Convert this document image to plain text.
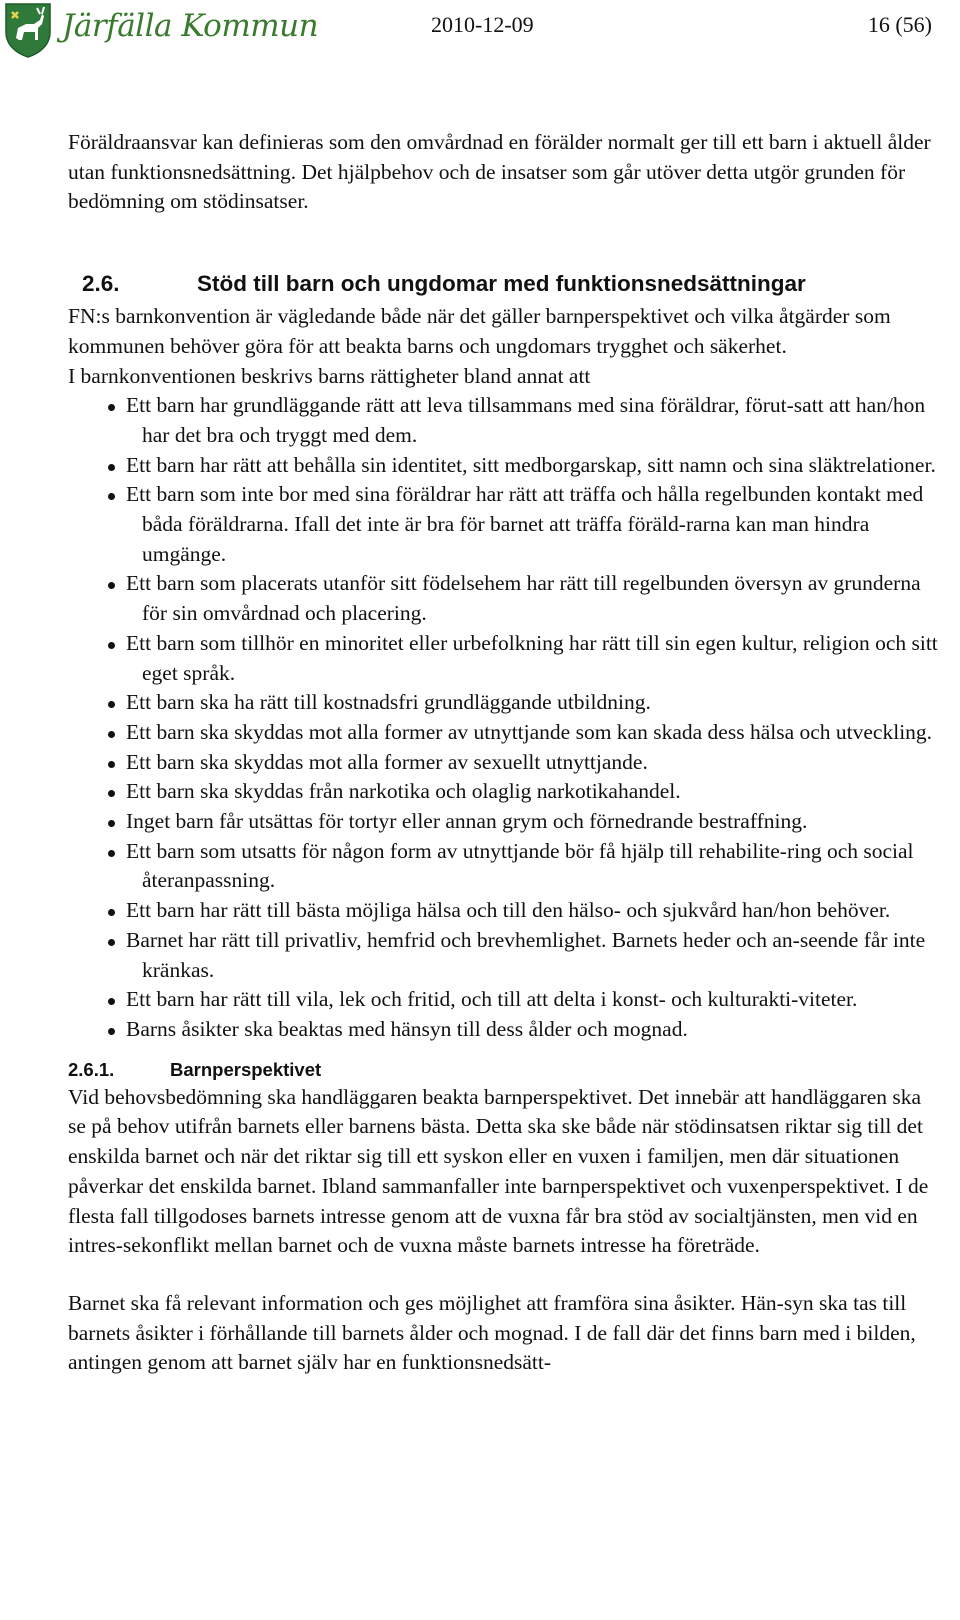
Järfälla Kommun	2010-12-09	16 (56)

Föräldraansvar kan definieras som den omvårdnad en förälder normalt ger till ett barn i aktuell ålder utan funktionsnedsättning. Det hjälpbehov och de insatser som går utöver detta utgör grunden för bedömning om stödinsatser.

2.6.	Stöd till barn och ungdomar med funktionsnedsättningar

FN:s barnkonvention är vägledande både när det gäller barnperspektivet och vilka åtgärder som kommunen behöver göra för att beakta barns och ungdomars trygghet och säkerhet.

I barnkonventionen beskrivs barns rättigheter bland annat att

Ett barn har grundläggande rätt att leva tillsammans med sina föräldrar, förut-satt att han/hon har det bra och tryggt med dem.
Ett barn har rätt att behålla sin identitet, sitt medborgarskap, sitt namn och sina släktrelationer.
Ett barn som inte bor med sina föräldrar har rätt att träffa och hålla regelbunden kontakt med båda föräldrarna. Ifall det inte är bra för barnet att träffa föräld-rarna kan man hindra umgänge.
Ett barn som placerats utanför sitt födelsehem har rätt till regelbunden översyn av grunderna för sin omvårdnad och placering.
Ett barn som tillhör en minoritet eller urbefolkning har rätt till sin egen kultur, religion och sitt eget språk.
Ett barn ska ha rätt till kostnadsfri grundläggande utbildning.
Ett barn ska skyddas mot alla former av utnyttjande som kan skada dess hälsa och utveckling.
Ett barn ska skyddas mot alla former av sexuellt utnyttjande.
Ett barn ska skyddas från narkotika och olaglig narkotikahandel.
Inget barn får utsättas för tortyr eller annan grym och förnedrande bestraffning.
Ett barn som utsatts för någon form av utnyttjande bör få hjälp till rehabilite-ring och social återanpassning.
Ett barn har rätt till bästa möjliga hälsa och till den hälso- och sjukvård han/hon behöver.
Barnet har rätt till privatliv, hemfrid och brevhemlighet. Barnets heder och an-seende får inte kränkas.
Ett barn har rätt till vila, lek och fritid, och till att delta i konst- och kulturakti-viteter.
Barns åsikter ska beaktas med hänsyn till dess ålder och mognad.
2.6.1.	Barnperspektivet

Vid behovsbedömning ska handläggaren beakta barnperspektivet. Det innebär att handläggaren ska se på behov utifrån barnets eller barnens bästa. Detta ska ske både när stödinsatsen riktar sig till det enskilda barnet och när det riktar sig till ett syskon eller en vuxen i familjen, men där situationen påverkar det enskilda barnet. Ibland sammanfaller inte barnperspektivet och vuxenperspektivet. I de flesta fall tillgodoses barnets intresse genom att de vuxna får bra stöd av socialtjänsten, men vid en intres-sekonflikt mellan barnet och de vuxna måste barnets intresse ha företräde.

Barnet ska få relevant information och ges möjlighet att framföra sina åsikter. Hän-syn ska tas till barnets åsikter i förhållande till barnets ålder och mognad. I de fall där det finns barn med i bilden, antingen genom att barnet själv har en funktionsnedsätt-
